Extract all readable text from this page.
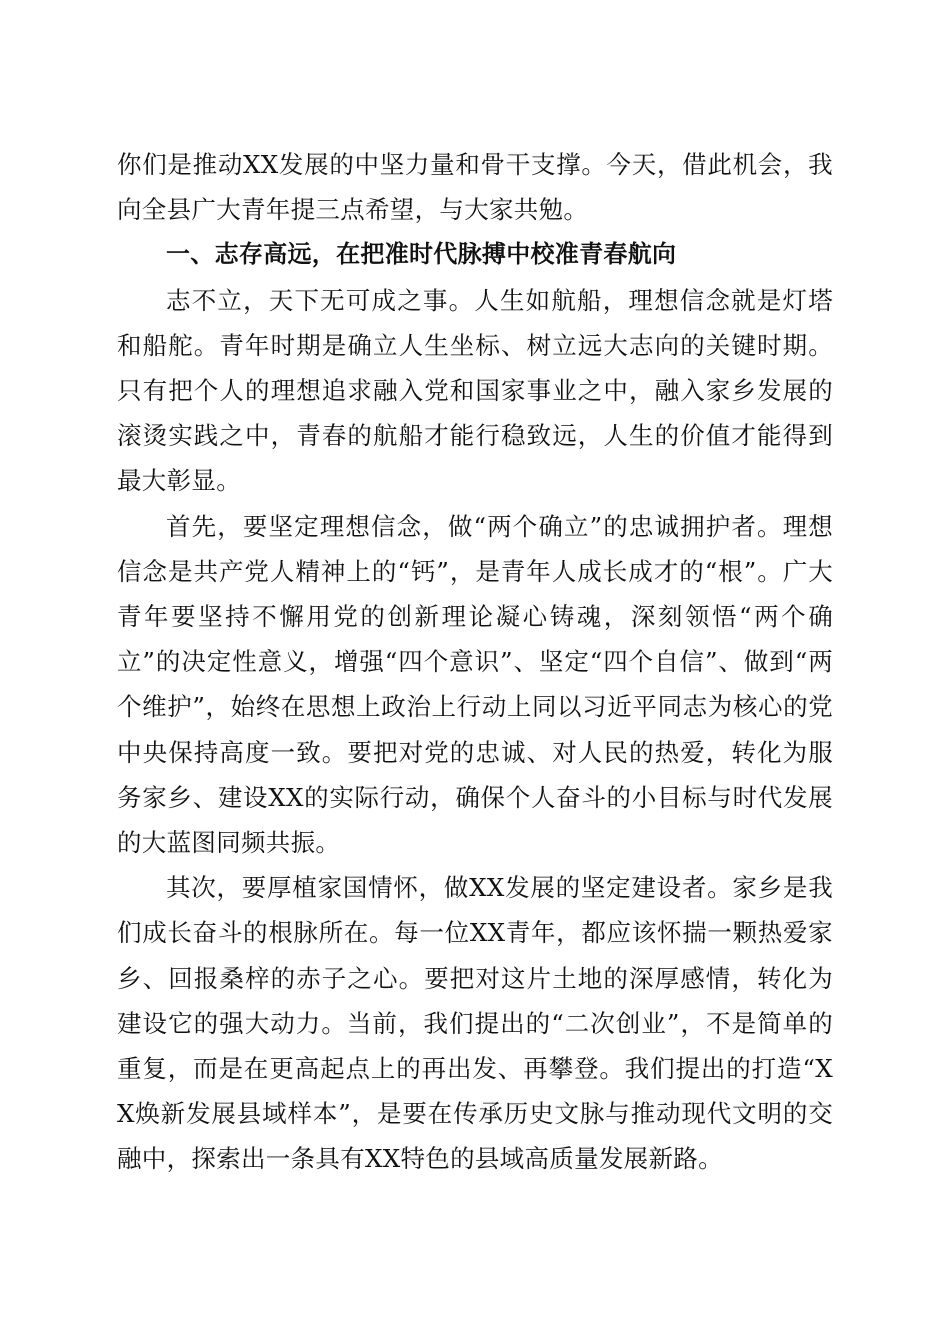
你们是推动XX发展的中坚力量和骨干支撑。今天，借此机会，我向全县广大青年提三点希望，与大家共勉。

一、志存高远，在把准时代脉搏中校准青春航向

志不立，天下无可成之事。人生如航船，理想信念就是灯塔和船舵。青年时期是确立人生坐标、树立远大志向的关键时期。只有把个人的理想追求融入党和国家事业之中，融入家乡发展的滚烫实践之中，青春的航船才能行稳致远，人生的价值才能得到最大彰显。

首先，要坚定理想信念，做“两个确立”的忠诚拥护者。理想信念是共产党人精神上的“钙”，是青年人成长成才的“根”。广大青年要坚持不懈用党的创新理论凝心铸魂，深刻领悟“两个确立”的决定性意义，增强“四个意识”、坚定“四个自信”、做到“两个维护”，始终在思想上政治上行动上同以习近平同志为核心的党中央保持高度一致。要把对党的忠诚、对人民的热爱，转化为服务家乡、建设XX的实际行动，确保个人奋斗的小目标与时代发展的大蓝图同频共振。

其次，要厚植家国情怀，做XX发展的坚定建设者。家乡是我们成长奋斗的根脉所在。每一位XX青年，都应该怀揣一颗热爱家乡、回报桑梓的赤子之心。要把对这片土地的深厚感情，转化为建设它的强大动力。当前，我们提出的“二次创业”，不是简单的重复，而是在更高起点上的再出发、再攀登。我们提出的打造“XX焕新发展县域样本”，是要在传承历史文脉与推动现代文明的交融中，探索出一条具有XX特色的县域高质量发展新路。
